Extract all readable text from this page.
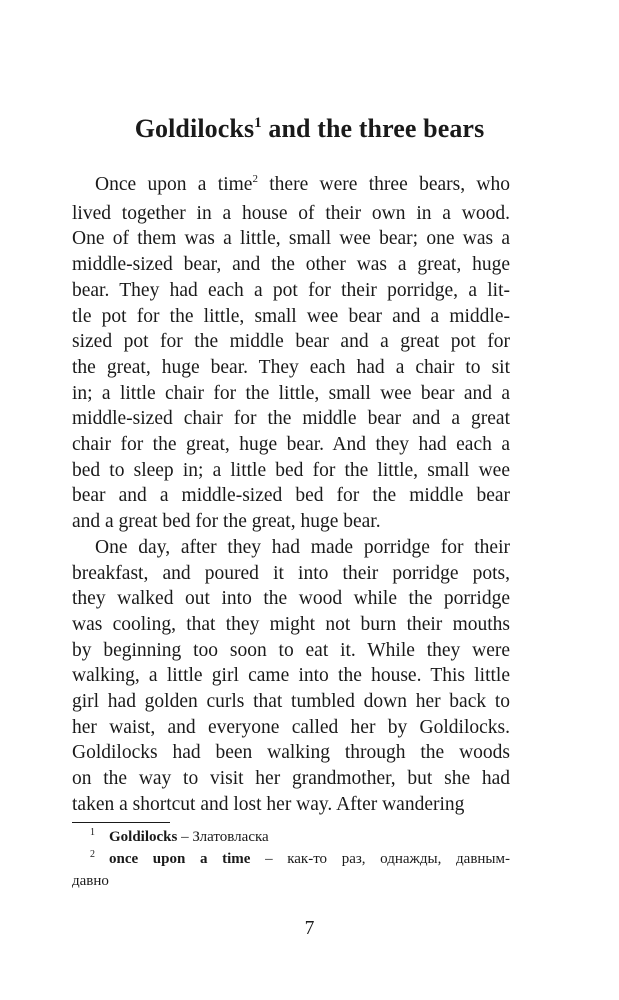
Goldilocks$^1$ and the three bears

Once upon a time$^2$ there were three bears, who
lived together in a house of their own in a wood.
One of them was a little, small wee bear; one was a
middle-sized bear, and the other was a great, huge
bear. They had each a pot for their porridge, a lit-
tle pot for the little, small wee bear and a middle-
sized pot for the middle bear and a great pot for
the great, huge bear. They each had a chair to sit
in; a little chair for the little, small wee bear and a
middle-sized chair for the middle bear and a great
chair for the great, huge bear. And they had each a
bed to sleep in; a little bed for the little, small wee
bear and a middle-sized bed for the middle bear
and a great bed for the great, huge bear.

One day, after they had made porridge for their
breakfast, and poured it into their porridge pots,
they walked out into the wood while the porridge
was cooling, that they might not burn their mouths
by beginning too soon to eat it. While they were
walking, a little girl came into the house. This little
girl had golden curls that tumbled down her back to
her waist, and everyone called her by Goldilocks.
Goldilocks had been walking through the woods
on the way to visit her grandmother, but she had
taken a shortcut and lost her way. After wandering

1 Goldilocks – Златовласка
2 once upon a time – как-то раз, однажды, давным-
давно
7
